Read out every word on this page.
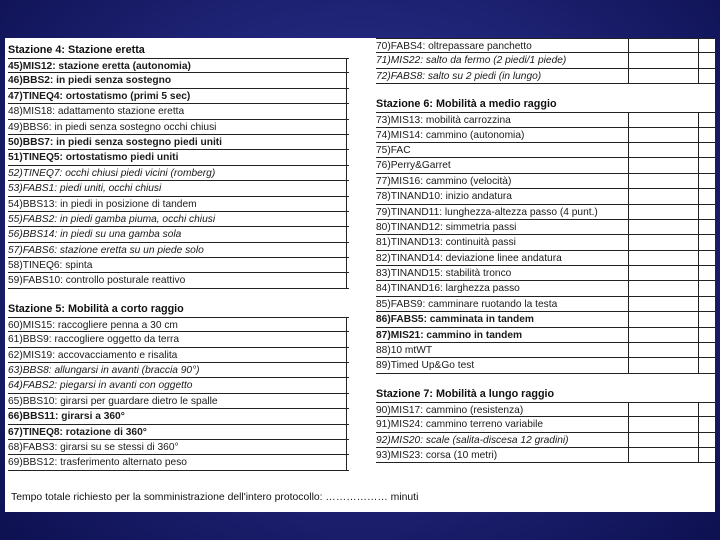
Stazione 4: Stazione eretta
45)MIS12: stazione eretta (autonomia)
46)BBS2: in piedi senza sostegno
47)TINEQ4: ortostatismo (primi 5 sec)
48)MIS18: adattamento stazione eretta
49)BBS6: in piedi senza sostegno occhi chiusi
50)BBS7: in piedi senza sostegno piedi uniti
51)TINEQ5: ortostatismo piedi uniti
52)TINEQ7: occhi chiusi piedi vicini (romberg)
53)FABS1: piedi uniti, occhi chiusi
54)BBS13: in piedi in posizione di tandem
55)FABS2: in piedi gamba piuma, occhi chiusi
56)BBS14: in piedi su una gamba sola
57)FABS6: stazione eretta su un piede solo
58)TINEQ6: spinta
59)FABS10: controllo posturale reattivo
Stazione 5: Mobilità a corto raggio
60)MIS15: raccogliere penna a 30 cm
61)BBS9: raccogliere oggetto da terra
62)MIS19: accovacciamento e risalita
63)BBS8: allungarsi in avanti (braccia 90°)
64)FABS2: piegarsi in avanti con oggetto
65)BBS10: girarsi per guardare dietro le spalle
66)BBS11: girarsi a 360°
67)TINEQ8: rotazione di 360°
68)FABS3: girarsi su se stessi di 360°
69)BBS12: trasferimento alternato peso
70)FABS4: oltrepassare panchetto
71)MIS22: salto da fermo (2 piedi/1 piede)
72)FABS8: salto su 2 piedi (in lungo)
Stazione 6: Mobilità a medio raggio
73)MIS13: mobilità carrozzina
74)MIS14: cammino (autonomia)
75)FAC
76)Perry&Garret
77)MIS16: cammino (velocità)
78)TINAND10: inizio andatura
79)TINAND11: lunghezza-altezza passo (4 punt.)
80)TINAND12: simmetria passi
81)TINAND13: continuità passi
82)TINAND14: deviazione linee andatura
83)TINAND15: stabilità tronco
84)TINAND16: larghezza passo
85)FABS9: camminare ruotando la testa
86)FABS5: camminata in tandem
87)MIS21: cammino in tandem
88)10 mtWT
89)Timed Up&Go test
Stazione 7: Mobilità a lungo raggio
90)MIS17: cammino (resistenza)
91)MIS24: cammino terreno variabile
92)MIS20: scale (salita-discesa 12 gradini)
93)MIS23: corsa (10 metri)
Tempo totale richiesto per la somministrazione dell'intero protocollo: ……………… minuti
